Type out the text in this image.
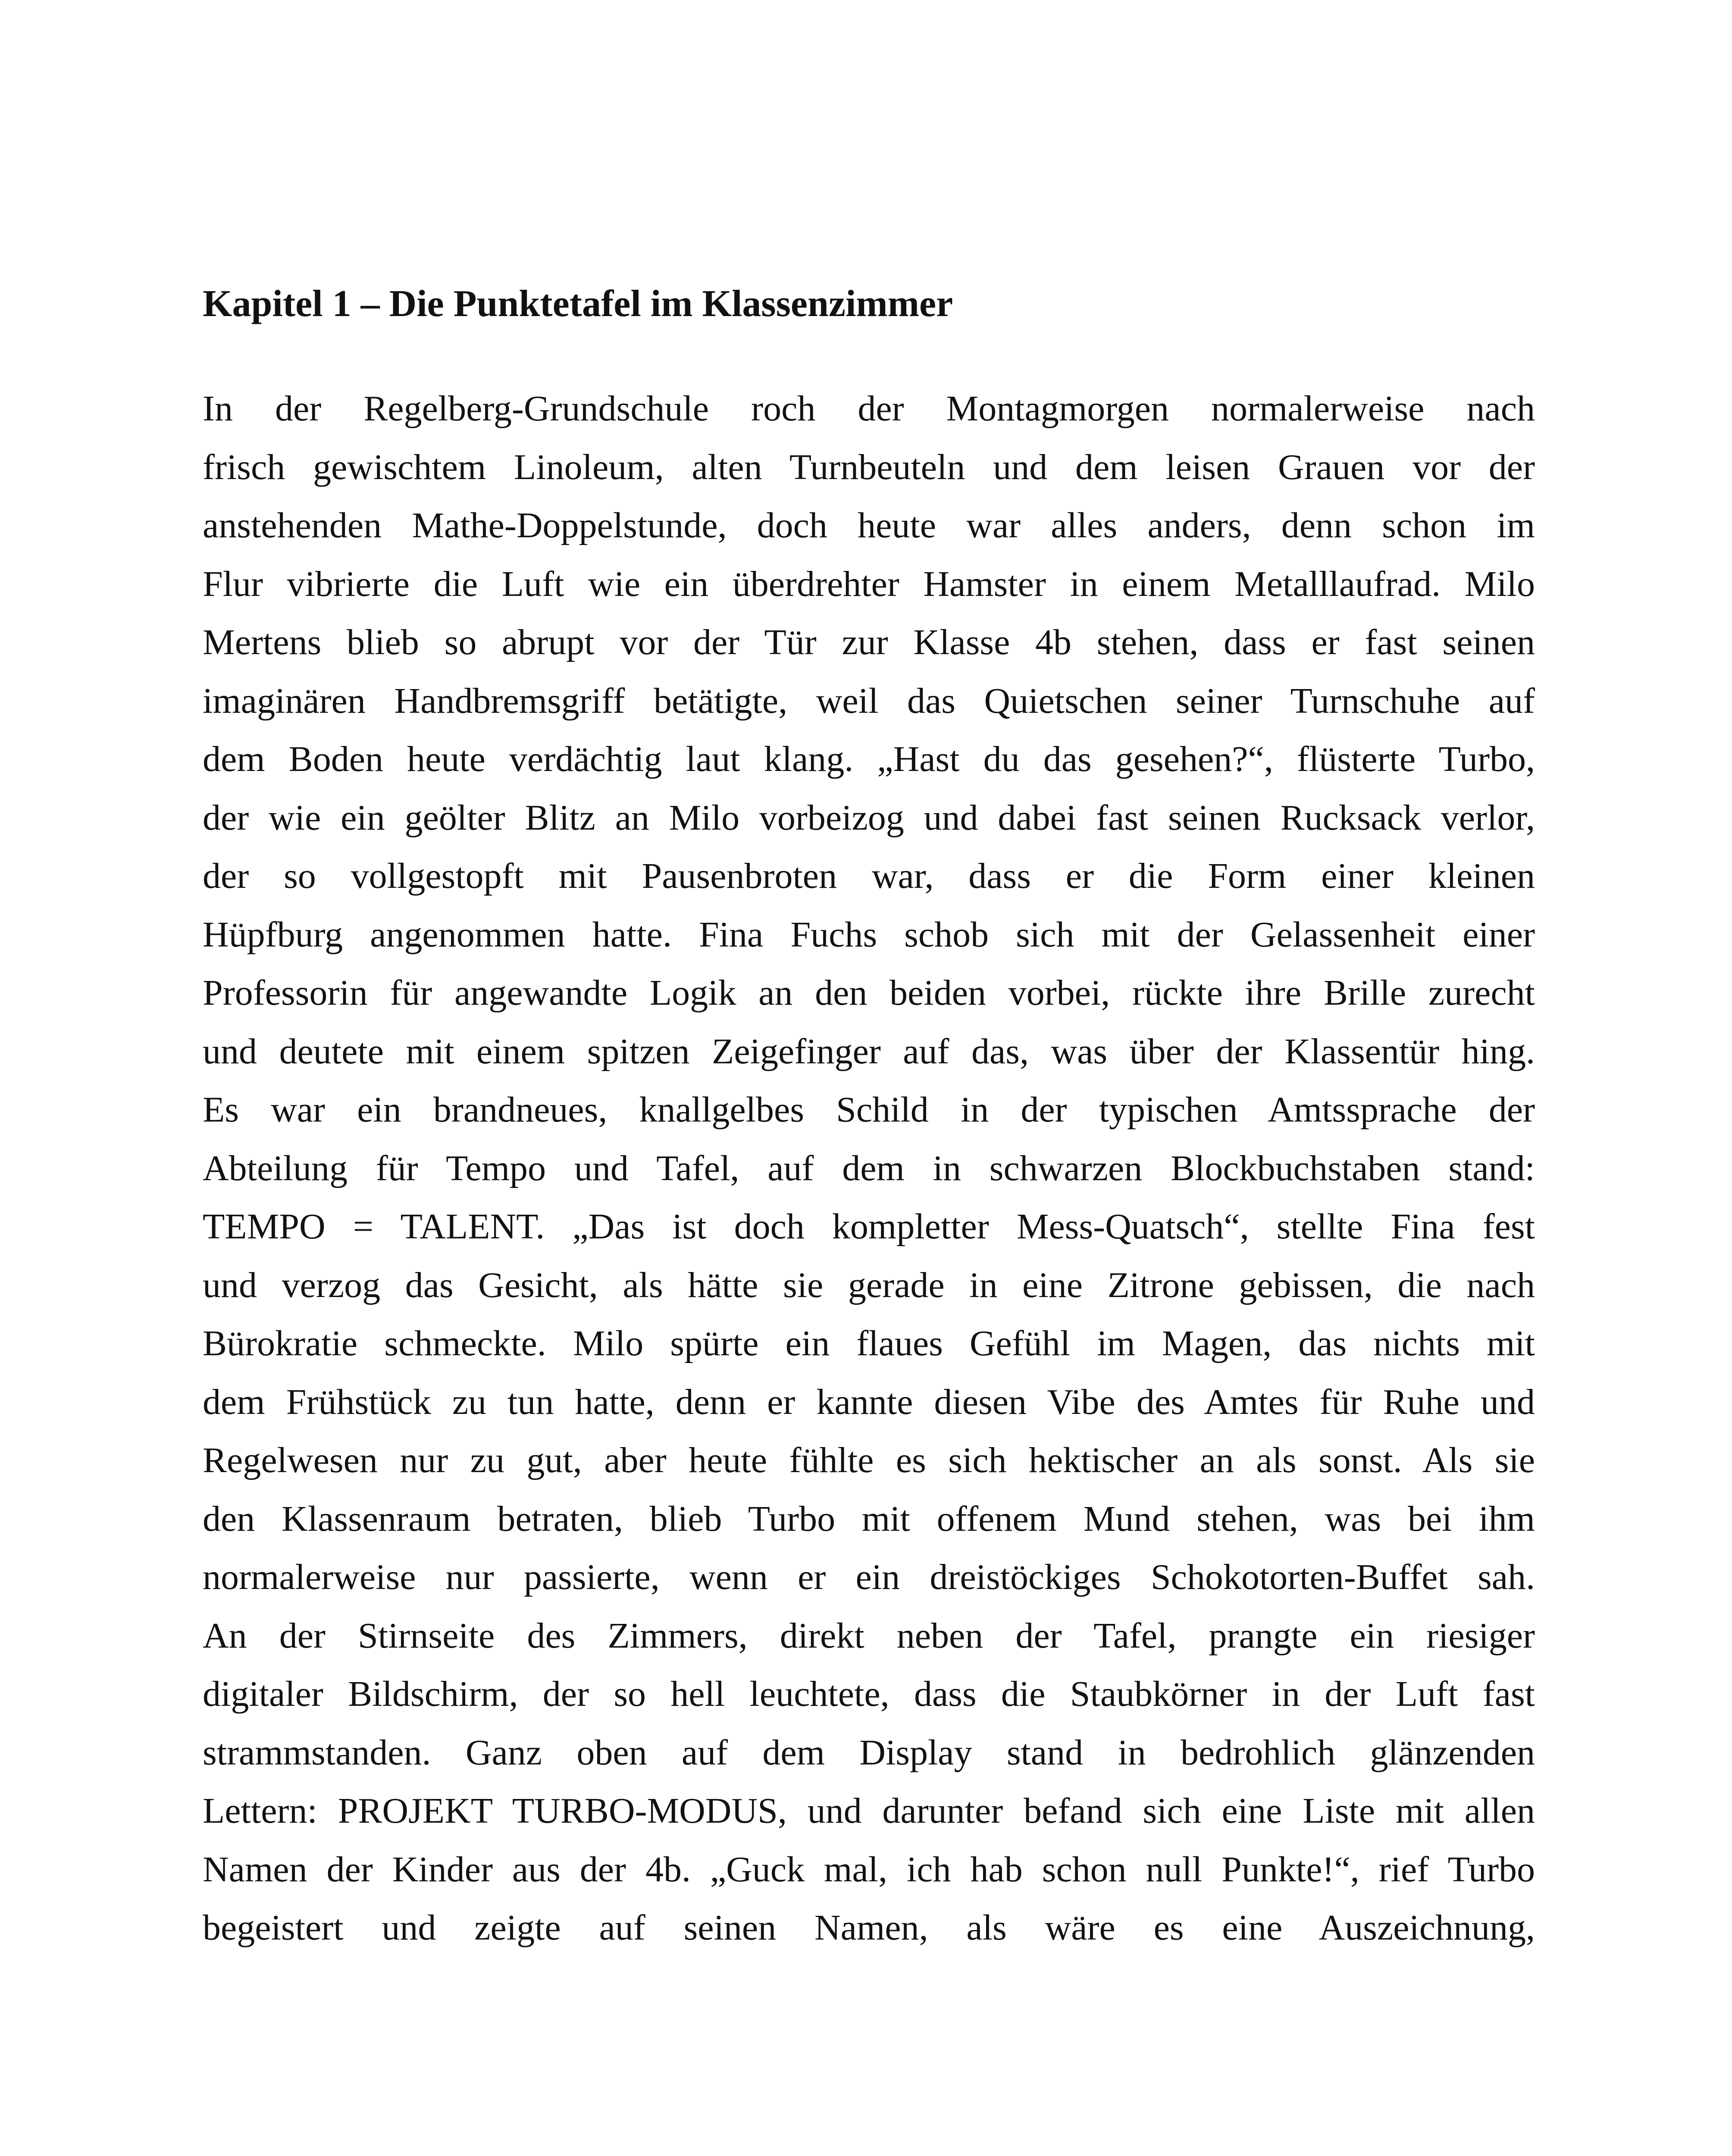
Kapitel 1 – Die Punktetafel im Klassenzimmer
In der Regelberg-Grundschule roch der Montagmorgen normalerweise nach
frisch gewischtem Linoleum, alten Turnbeuteln und dem leisen Grauen vor der
anstehenden Mathe-Doppelstunde, doch heute war alles anders, denn schon im
Flur vibrierte die Luft wie ein überdrehter Hamster in einem Metalllaufrad. Milo
Mertens blieb so abrupt vor der Tür zur Klasse 4b stehen, dass er fast seinen
imaginären Handbremsgriff betätigte, weil das Quietschen seiner Turnschuhe auf
dem Boden heute verdächtig laut klang. „Hast du das gesehen?“, flüsterte Turbo,
der wie ein geölter Blitz an Milo vorbeizog und dabei fast seinen Rucksack verlor,
der so vollgestopft mit Pausenbroten war, dass er die Form einer kleinen
Hüpfburg angenommen hatte. Fina Fuchs schob sich mit der Gelassenheit einer
Professorin für angewandte Logik an den beiden vorbei, rückte ihre Brille zurecht
und deutete mit einem spitzen Zeigefinger auf das, was über der Klassentür hing.
Es war ein brandneues, knallgelbes Schild in der typischen Amtssprache der
Abteilung für Tempo und Tafel, auf dem in schwarzen Blockbuchstaben stand:
TEMPO = TALENT. „Das ist doch kompletter Mess-Quatsch“, stellte Fina fest
und verzog das Gesicht, als hätte sie gerade in eine Zitrone gebissen, die nach
Bürokratie schmeckte. Milo spürte ein flaues Gefühl im Magen, das nichts mit
dem Frühstück zu tun hatte, denn er kannte diesen Vibe des Amtes für Ruhe und
Regelwesen nur zu gut, aber heute fühlte es sich hektischer an als sonst. Als sie
den Klassenraum betraten, blieb Turbo mit offenem Mund stehen, was bei ihm
normalerweise nur passierte, wenn er ein dreistöckiges Schokotorten-Buffet sah.
An der Stirnseite des Zimmers, direkt neben der Tafel, prangte ein riesiger
digitaler Bildschirm, der so hell leuchtete, dass die Staubkörner in der Luft fast
strammstanden. Ganz oben auf dem Display stand in bedrohlich glänzenden
Lettern: PROJEKT TURBO-MODUS, und darunter befand sich eine Liste mit allen
Namen der Kinder aus der 4b. „Guck mal, ich hab schon null Punkte!“, rief Turbo
begeistert und zeigte auf seinen Namen, als wäre es eine Auszeichnung,
